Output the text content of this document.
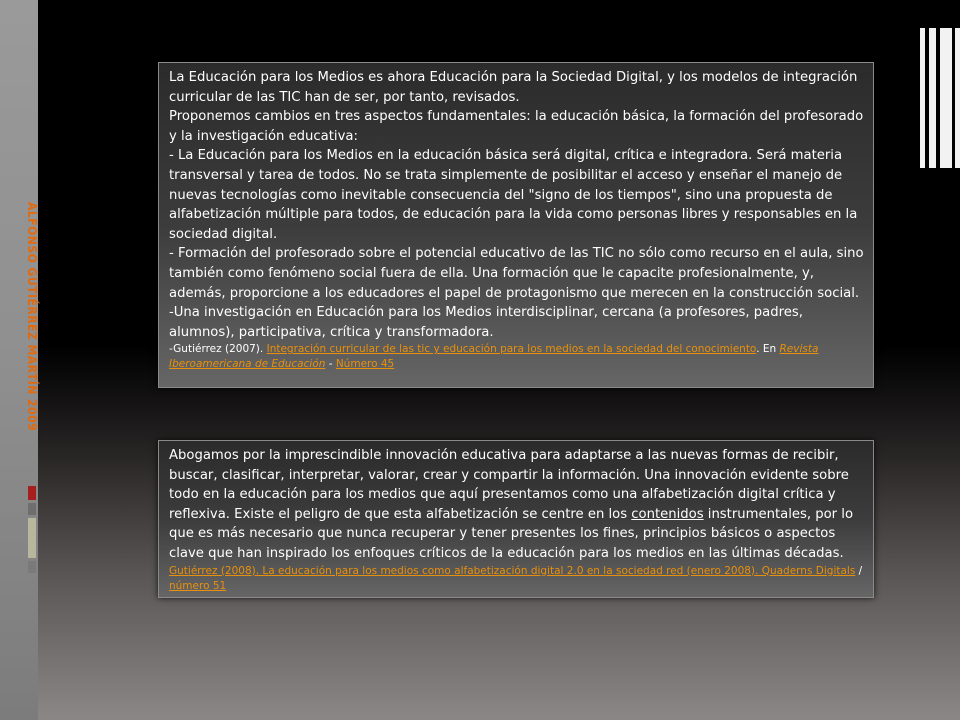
ALFONSO GUTIÉRREZ MARTÍN 2009

La Educación para los Medios es ahora Educación para la Sociedad Digital, y los modelos de integración curricular de las TIC han de ser, por tanto, revisados.

Proponemos cambios en tres aspectos fundamentales: la educación básica, la formación del profesorado y la investigación educativa:

- La Educación para los Medios en la educación básica será digital, crítica e integradora. Será materia transversal y tarea de todos. No se trata simplemente de posibilitar el acceso y enseñar el manejo de nuevas tecnologías como inevitable consecuencia del "signo de los tiempos", sino una propuesta de alfabetización múltiple para todos, de educación para la vida como personas libres y responsables en la sociedad digital.

- Formación del profesorado sobre el potencial educativo de las TIC no sólo como recurso en el aula, sino también como fenómeno social fuera de ella. Una formación que le capacite profesionalmente, y, además, proporcione a los educadores el papel de protagonismo que merecen en la construcción social.

-Una investigación en Educación para los Medios interdisciplinar, cercana (a profesores, padres, alumnos), participativa, crítica y transformadora.

-Gutiérrez (2007). Integración curricular de las tic y educación para los medios en la sociedad del conocimiento. En Revista Iberoamericana de Educación - Número 45

Abogamos por la imprescindible innovación educativa para adaptarse a las nuevas formas de recibir, buscar, clasificar, interpretar, valorar, crear y compartir la información. Una innovación evidente sobre todo en la educación para los medios que aquí presentamos como una alfabetización digital crítica y reflexiva. Existe el peligro de que esta alfabetización se centre en los contenidos instrumentales, por lo que es más necesario que nunca recuperar y tener presentes los fines, principios básicos o aspectos clave que han inspirado los enfoques críticos de la educación para los medios en las últimas décadas.

Gutiérrez (2008). La educación para los medios como alfabetización digital 2.0 en la sociedad red (enero 2008). Quaderns Digitals / número 51
